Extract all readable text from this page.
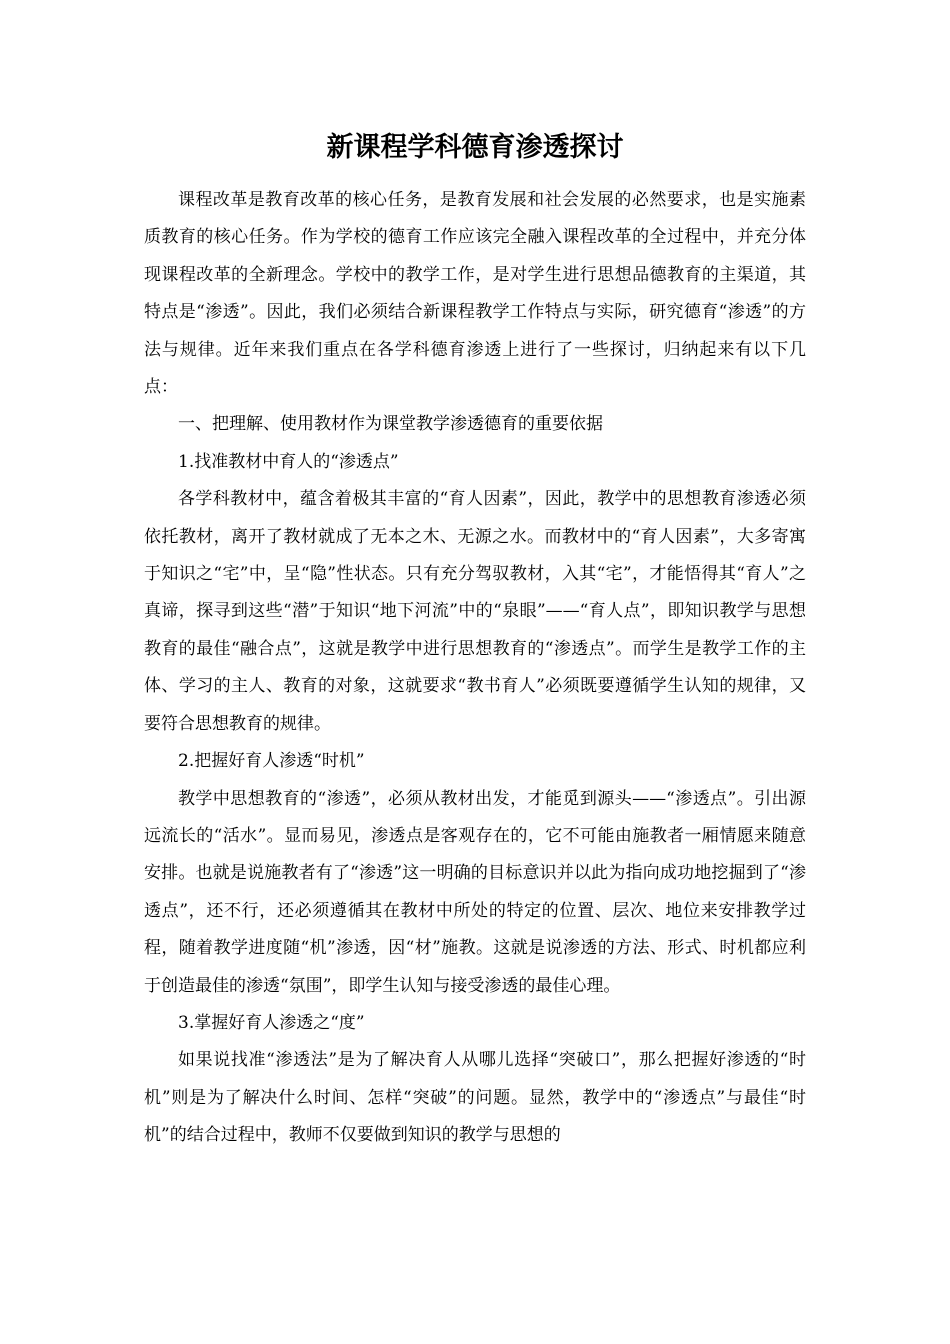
新课程学科德育渗透探讨

课程改革是教育改革的核心任务，是教育发展和社会发展的必然要求，也是实施素质教育的核心任务。作为学校的德育工作应该完全融入课程改革的全过程中，并充分体现课程改革的全新理念。学校中的教学工作，是对学生进行思想品德教育的主渠道，其特点是“渗透”。因此，我们必须结合新课程教学工作特点与实际，研究德育“渗透”的方法与规律。近年来我们重点在各学科德育渗透上进行了一些探讨，归纳起来有以下几点：

一、把理解、使用教材作为课堂教学渗透德育的重要依据

1.找准教材中育人的“渗透点”

各学科教材中，蕴含着极其丰富的“育人因素”，因此，教学中的思想教育渗透必须依托教材，离开了教材就成了无本之木、无源之水。而教材中的“育人因素”，大多寄寓于知识之“宅”中，呈“隐”性状态。只有充分驾驭教材，入其“宅”，才能悟得其“育人”之真谛，探寻到这些“潜”于知识“地下河流”中的“泉眼”——“育人点”，即知识教学与思想教育的最佳“融合点”，这就是教学中进行思想教育的“渗透点”。而学生是教学工作的主体、学习的主人、教育的对象，这就要求“教书育人”必须既要遵循学生认知的规律，又要符合思想教育的规律。

2.把握好育人渗透“时机”

教学中思想教育的“渗透”，必须从教材出发，才能觅到源头——“渗透点”。引出源远流长的“活水”。显而易见，渗透点是客观存在的，它不可能由施教者一厢情愿来随意安排。也就是说施教者有了“渗透”这一明确的目标意识并以此为指向成功地挖掘到了“渗透点”，还不行，还必须遵循其在教材中所处的特定的位置、层次、地位来安排教学过程，随着教学进度随“机”渗透，因“材”施教。这就是说渗透的方法、形式、时机都应利于创造最佳的渗透“氛围”，即学生认知与接受渗透的最佳心理。

3.掌握好育人渗透之“度”

如果说找准“渗透法”是为了解决育人从哪儿选择“突破口”，那么把握好渗透的“时机”则是为了解决什么时间、怎样“突破”的问题。显然，教学中的“渗透点”与最佳“时机”的结合过程中，教师不仅要做到知识的教学与思想的
